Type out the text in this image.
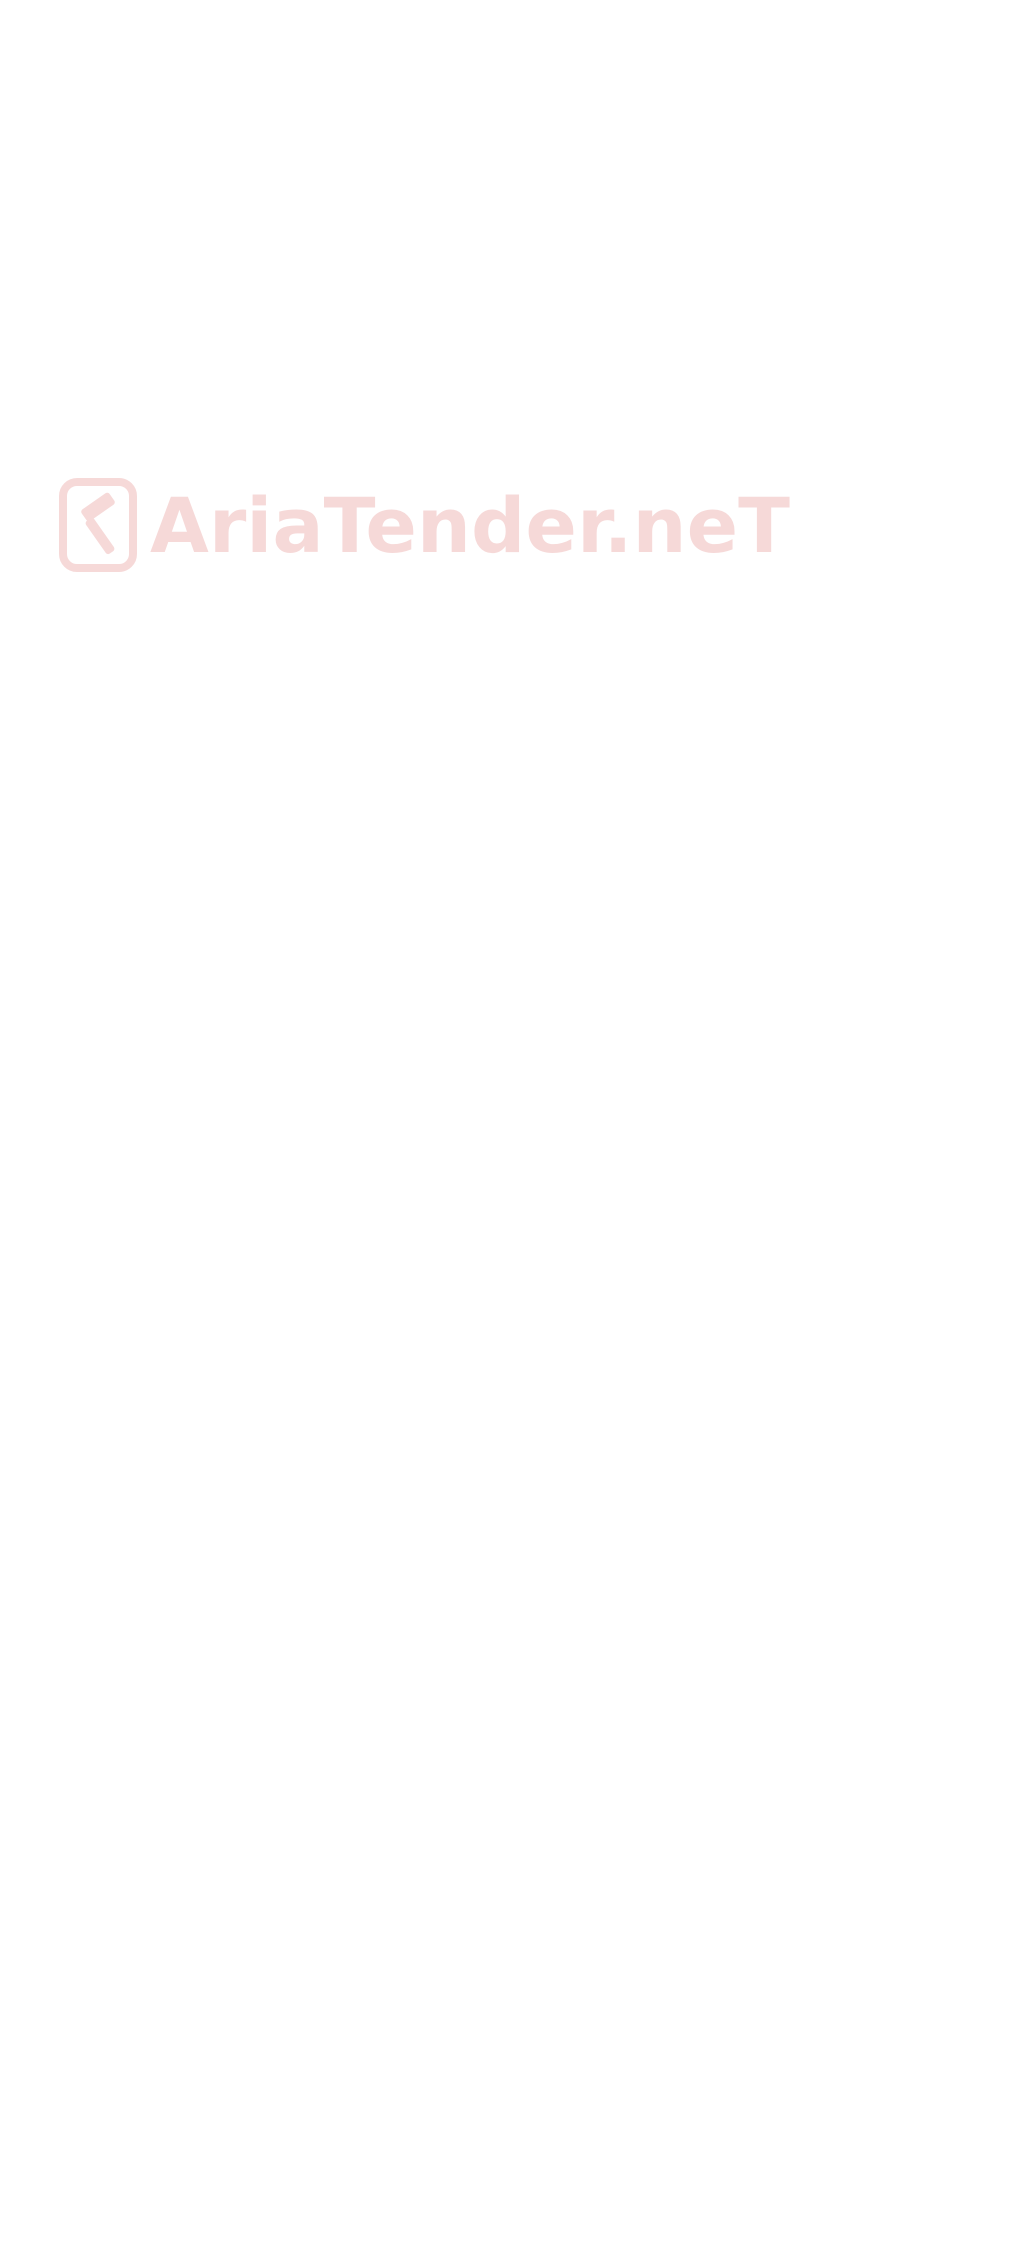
AriaTender.neT
